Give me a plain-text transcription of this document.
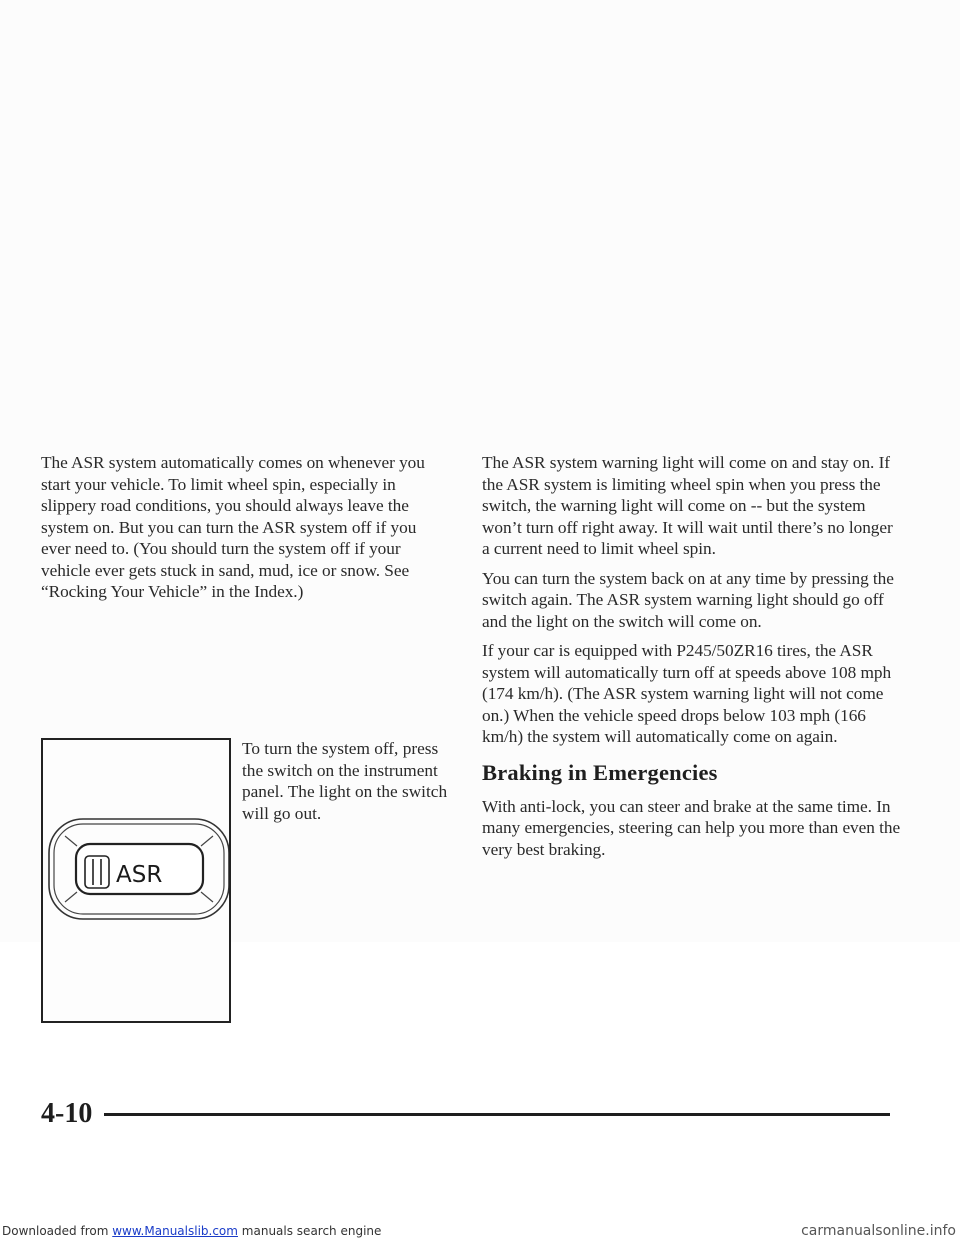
The ASR system automatically comes on whenever you start your vehicle. To limit wheel spin, especially in slippery road conditions, you should always leave the system on. But you can turn the ASR system off if you ever need to. (You should turn the system off if your vehicle ever gets stuck in sand, mud, ice or snow. See “Rocking Your Vehicle” in the Index.)

ASR
To turn the system off, press the switch on the instrument panel. The light on the switch will go out.

The ASR system warning light will come on and stay on. If the ASR system is limiting wheel spin when you press the switch, the warning light will come on -- but the system won’t turn off right away. It will wait until there’s no longer a current need to limit wheel spin.

You can turn the system back on at any time by pressing the switch again. The ASR system warning light should go off and the light on the switch will come on.

If your car is equipped with P245/50ZR16 tires, the ASR system will automatically turn off at speeds above 108 mph (174 km/h). (The ASR system warning light will not come on.) When the vehicle speed drops below 103 mph (166 km/h) the system will automatically come on again.

Braking in Emergencies

With anti-lock, you can steer and brake at the same time. In many emergencies, steering can help you more than even the very best braking.

4-10
Downloaded from www.Manualslib.com manuals search engine	carmanualsonline.info
